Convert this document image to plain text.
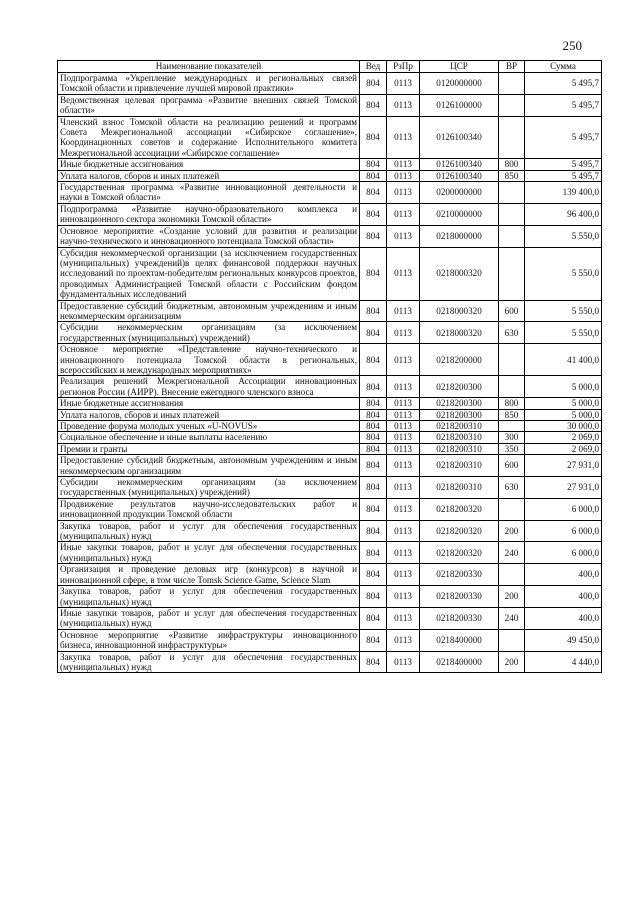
250
Наименование показателей	Вед	РзПр	ЦСР	ВР	Сумма
Подпрограмма «Укрепление международных и региональных связей Томской области и привлечение лучшей мировой практики»	804	0113	0120000000		5 495,7
Ведомственная целевая программа «Развитие внешних связей Томской области»	804	0113	0126100000		5 495,7
Членский взнос Томской области на реализацию решений и программ Совета Межрегиональной ассоциации «Сибирское соглашение», Координационных советов и содержание Исполнительного комитета Межрегиональной ассоциации «Сибирское соглашение»	804	0113	0126100340		5 495,7
Иные бюджетные ассигнования	804	0113	0126100340	800	5 495,7
Уплата налогов, сборов и иных платежей	804	0113	0126100340	850	5 495,7
Государственная программа «Развитие инновационной деятельности и науки в Томской области»	804	0113	0200000000		139 400,0
Подпрограмма «Развитие научно-образовательного комплекса и инновационного сектора экономики Томской области»	804	0113	0210000000		96 400,0
Основное мероприятие «Создание условий для развития и реализации научно-технического и инновационного потенциала Томской области»	804	0113	0218000000		5 550,0
Субсидия некоммерческой организации (за исключением государственных (муниципальных) учреждений)в целях финансовой поддержки научных исследований по проектам-победителям региональных конкурсов проектов, проводимых Администрацией Томской области с Российским фондом фундаментальных исследований	804	0113	0218000320		5 550,0
Предоставление субсидий бюджетным, автономным учреждениям и иным некоммерческим организациям	804	0113	0218000320	600	5 550,0
Субсидии некоммерческим организациям (за исключением государственных (муниципальных) учреждений)	804	0113	0218000320	630	5 550,0
Основное мероприятие «Представление научно-технического и инновационного потенциала Томской области в региональных, всероссийских и международных мероприятиях»	804	0113	0218200000		41 400,0
Реализация решений Межрегиональной Ассоциации инновационных регионов России (АИРР). Внесение ежегодного членского взноса	804	0113	0218200300		5 000,0
Иные бюджетные ассигнования	804	0113	0218200300	800	5 000,0
Уплата налогов, сборов и иных платежей	804	0113	0218200300	850	5 000,0
Проведение форума молодых ученых «U-NOVUS»	804	0113	0218200310		30 000,0
Социальное обеспечение и иные выплаты населению	804	0113	0218200310	300	2 069,0
Премии и гранты	804	0113	0218200310	350	2 069,0
Предоставление субсидий бюджетным, автономным учреждениям и иным некоммерческим организациям	804	0113	0218200310	600	27 931,0
Субсидии некоммерческим организациям (за исключением государственных (муниципальных) учреждений)	804	0113	0218200310	630	27 931,0
Продвижение результатов научно-исследовательских работ и инновационной продукции Томской области	804	0113	0218200320		6 000,0
Закупка товаров, работ и услуг для обеспечения государственных (муниципальных) нужд	804	0113	0218200320	200	6 000,0
Иные закупки товаров, работ и услуг для обеспечения государственных (муниципальных) нужд	804	0113	0218200320	240	6 000,0
Организация и проведение деловых игр (конкурсов) в научной и инновационной сфере, в том числе Tomsk Science Game, Science Slam	804	0113	0218200330		400,0
Закупка товаров, работ и услуг для обеспечения государственных (муниципальных) нужд	804	0113	0218200330	200	400,0
Иные закупки товаров, работ и услуг для обеспечения государственных (муниципальных) нужд	804	0113	0218200330	240	400,0
Основное мероприятие «Развитие инфраструктуры инновационного бизнеса, инновационной инфраструктуры»	804	0113	0218400000		49 450,0
Закупка товаров, работ и услуг для обеспечения государственных (муниципальных) нужд	804	0113	0218400000	200	4 440,0
